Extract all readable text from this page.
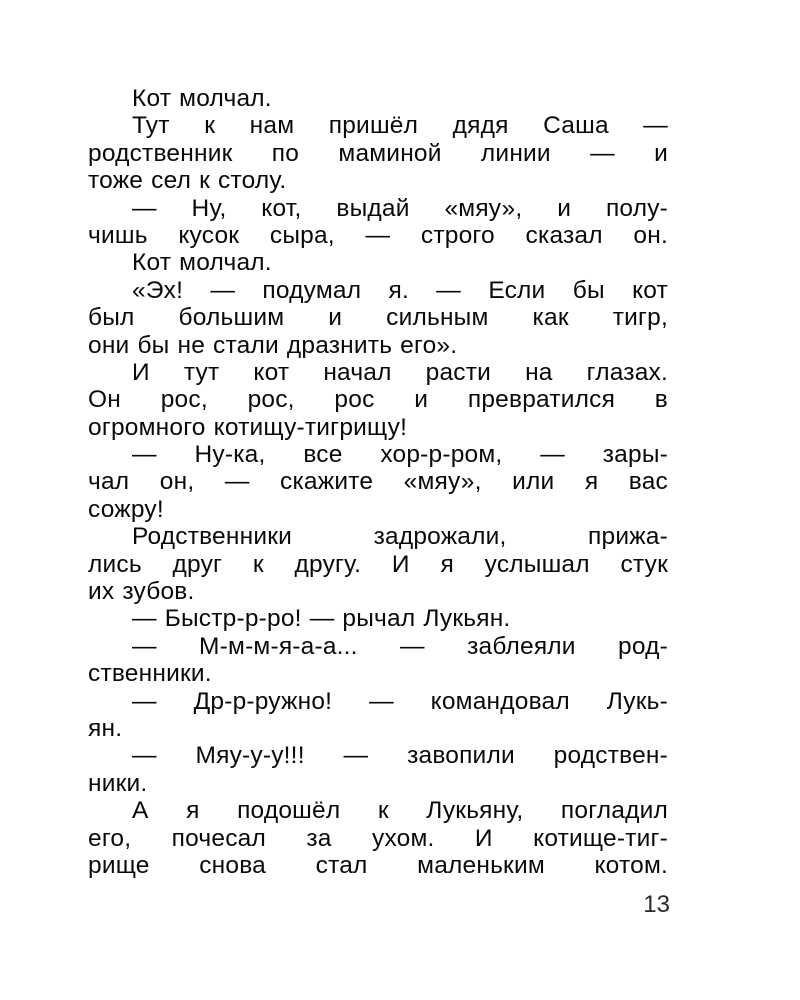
Кот молчал.
Тут к нам пришёл дядя Саша —
родственник по маминой линии — и
тоже сел к столу.
— Ну, кот, выдай «мяу», и полу-
чишь кусок сыра, — строго сказал он.
Кот молчал.
«Эх! — подумал я. — Если бы кот
был большим и сильным как тигр,
они бы не стали дразнить его».
И тут кот начал расти на глазах.
Он рос, рос, рос и превратился в
огромного котищу-тигрищу!
— Ну-ка, все хор-р-ром, — зары-
чал он, — скажите «мяу», или я вас
сожру!
Родственники задрожали, прижа-
лись друг к другу. И я услышал стук
их зубов.
— Быстр-р-ро! — рычал Лукьян.
— М-м-м-я-а-а... — заблеяли род-
ственники.
— Др-р-ружно! — командовал Лукь-
ян.
— Мяу-у-у!!! — завопили родствен-
ники.
А я подошёл к Лукьяну, погладил
его, почесал за ухом. И котище-тиг-
рище снова стал маленьким котом.
13
